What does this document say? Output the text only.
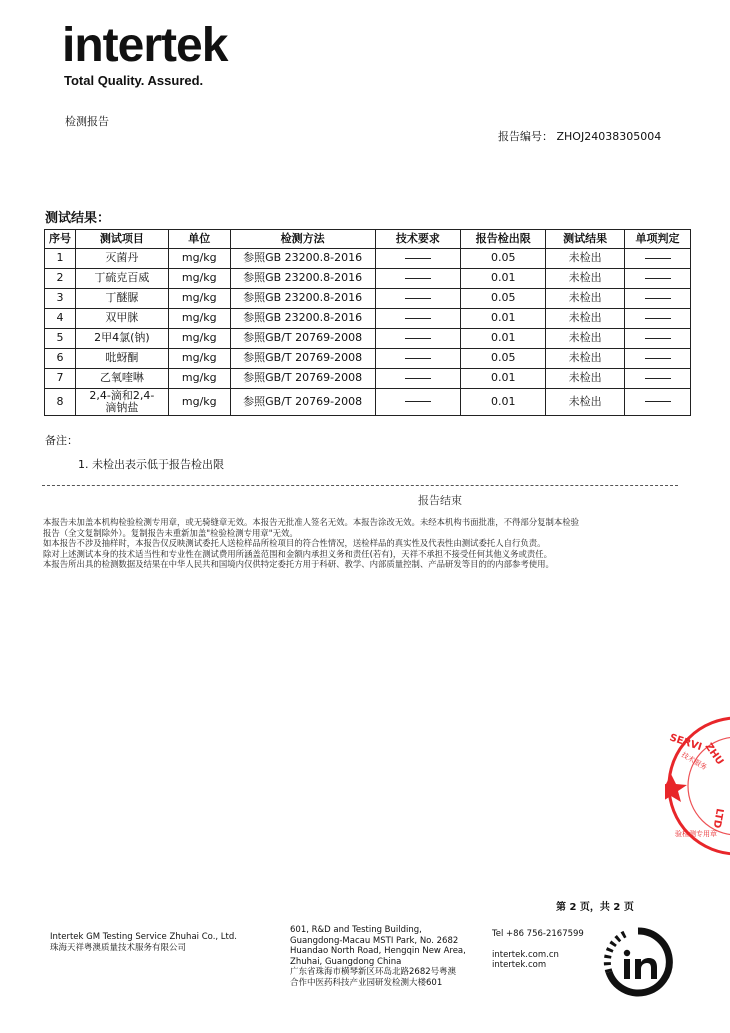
intertek
Total Quality. Assured.
检测报告
报告编号： ZHOJ24038305004
测试结果：
序号	测试项目	单位	检测方法	技术要求	报告检出限	测试结果	单项判定
1	灭菌丹	mg/kg	参照GB 23200.8-2016		0.05	未检出	
2	丁硫克百威	mg/kg	参照GB 23200.8-2016		0.01	未检出	
3	丁醚脲	mg/kg	参照GB 23200.8-2016		0.05	未检出	
4	双甲脒	mg/kg	参照GB 23200.8-2016		0.01	未检出	
5	2甲4氯(钠)	mg/kg	参照GB/T 20769-2008		0.01	未检出	
6	吡蚜酮	mg/kg	参照GB/T 20769-2008		0.05	未检出	
7	乙氧喹啉	mg/kg	参照GB/T 20769-2008		0.01	未检出	
8	2,4-滴和2,4-滴钠盐	mg/kg	参照GB/T 20769-2008		0.01	未检出	
备注：
1. 未检出表示低于报告检出限
报告结束
本报告未加盖本机构检验检测专用章，或无骑缝章无效。本报告无批准人签名无效。本报告涂改无效。未经本机构书面批准，不得部分复制本检验
报告（全文复制除外）。复制报告未重新加盖"检验检测专用章"无效。
如本报告不涉及抽样时，本报告仅反映测试委托人送检样品所检项目的符合性情况，送检样品的真实性及代表性由测试委托人自行负责。
除对上述测试本身的技术适当性和专业性在测试费用所涵盖范围和金额内承担义务和责任(若有)，天祥不承担不接受任何其他义务或责任。
本报告所出具的检测数据及结果在中华人民共和国境内仅供特定委托方用于科研、教学、内部质量控制、产品研发等目的的内部参考使用。
SERVI ZHU
LTD
技术服务
验检测专用章
第 2 页，共 2 页
Intertek GM Testing Service Zhuhai Co., Ltd.
珠海天祥粤澳质量技术服务有限公司
601, R&D and Testing Building,
Guangdong-Macau MSTI Park, No. 2682
Huandao North Road, Hengqin New Area,
Zhuhai, Guangdong China
广东省珠海市横琴新区环岛北路2682号粤澳
合作中医药科技产业园研发检测大楼601
Tel +86 756-2167599
intertek.com.cn
intertek.com
